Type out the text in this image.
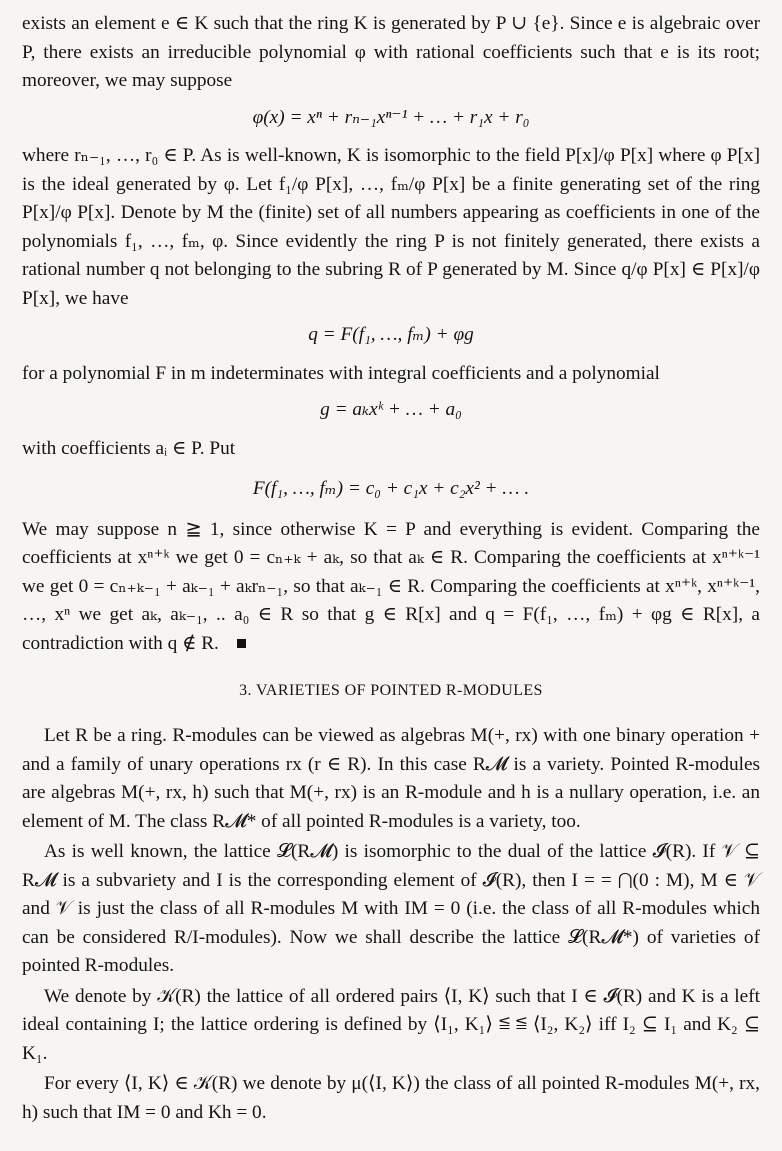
exists an element e ∈ K such that the ring K is generated by P ∪ {e}. Since e is algebraic over P, there exists an irreducible polynomial φ with rational coefficients such that e is its root; moreover, we may suppose

φ(x) = xⁿ + rₙ₋₁xⁿ⁻¹ + … + r₁x + r₀

where rₙ₋₁, …, r₀ ∈ P. As is well-known, K is isomorphic to the field P[x]/φ P[x] where φ P[x] is the ideal generated by φ. Let f₁/φ P[x], …, fₘ/φ P[x] be a finite generating set of the ring P[x]/φ P[x]. Denote by M the (finite) set of all numbers appearing as coefficients in one of the polynomials f₁, …, fₘ, φ. Since evidently the ring P is not finitely generated, there exists a rational number q not belonging to the subring R of P generated by M. Since q/φ P[x] ∈ P[x]/φ P[x], we have

q = F(f₁, …, fₘ) + φg

for a polynomial F in m indeterminates with integral coefficients and a polynomial

g = aₖxᵏ + … + a₀

with coefficients aᵢ ∈ P. Put

F(f₁, …, fₘ) = c₀ + c₁x + c₂x² + … .

We may suppose n ≧ 1, since otherwise K = P and everything is evident. Comparing the coefficients at xⁿ⁺ᵏ we get 0 = cₙ₊ₖ + aₖ, so that aₖ ∈ R. Comparing the coefficients at xⁿ⁺ᵏ⁻¹ we get 0 = cₙ₊ₖ₋₁ + aₖ₋₁ + aₖrₙ₋₁, so that aₖ₋₁ ∈ R. Comparing the coefficients at xⁿ⁺ᵏ, xⁿ⁺ᵏ⁻¹, …, xⁿ we get aₖ, aₖ₋₁, .. a₀ ∈ R so that g ∈ R[x] and q = F(f₁, …, fₘ) + φg ∈ R[x], a contradiction with q ∉ R.

3. VARIETIES OF POINTED R-MODULES

Let R be a ring. R-modules can be viewed as algebras M(+, rx) with one binary operation + and a family of unary operations rx (r ∈ R). In this case R𝓜 is a variety. Pointed R-modules are algebras M(+, rx, h) such that M(+, rx) is an R-module and h is a nullary operation, i.e. an element of M. The class R𝓜* of all pointed R-modules is a variety, too.

As is well known, the lattice 𝓛(R𝓜) is isomorphic to the dual of the lattice 𝓘(R). If 𝒱 ⊆ R𝓜 is a subvariety and I is the corresponding element of 𝓘(R), then I = = ⋂(0 : M), M ∈ 𝒱 and 𝒱 is just the class of all R-modules M with IM = 0 (i.e. the class of all R-modules which can be considered R/I-modules). Now we shall describe the lattice 𝓛(R𝓜*) of varieties of pointed R-modules.

We denote by 𝒦(R) the lattice of all ordered pairs ⟨I, K⟩ such that I ∈ 𝓘(R) and K is a left ideal containing I; the lattice ordering is defined by ⟨I₁, K₁⟩ ≦ ≦ ⟨I₂, K₂⟩ iff I₂ ⊆ I₁ and K₂ ⊆ K₁.

For every ⟨I, K⟩ ∈ 𝒦(R) we denote by μ(⟨I, K⟩) the class of all pointed R-modules M(+, rx, h) such that IM = 0 and Kh = 0.
